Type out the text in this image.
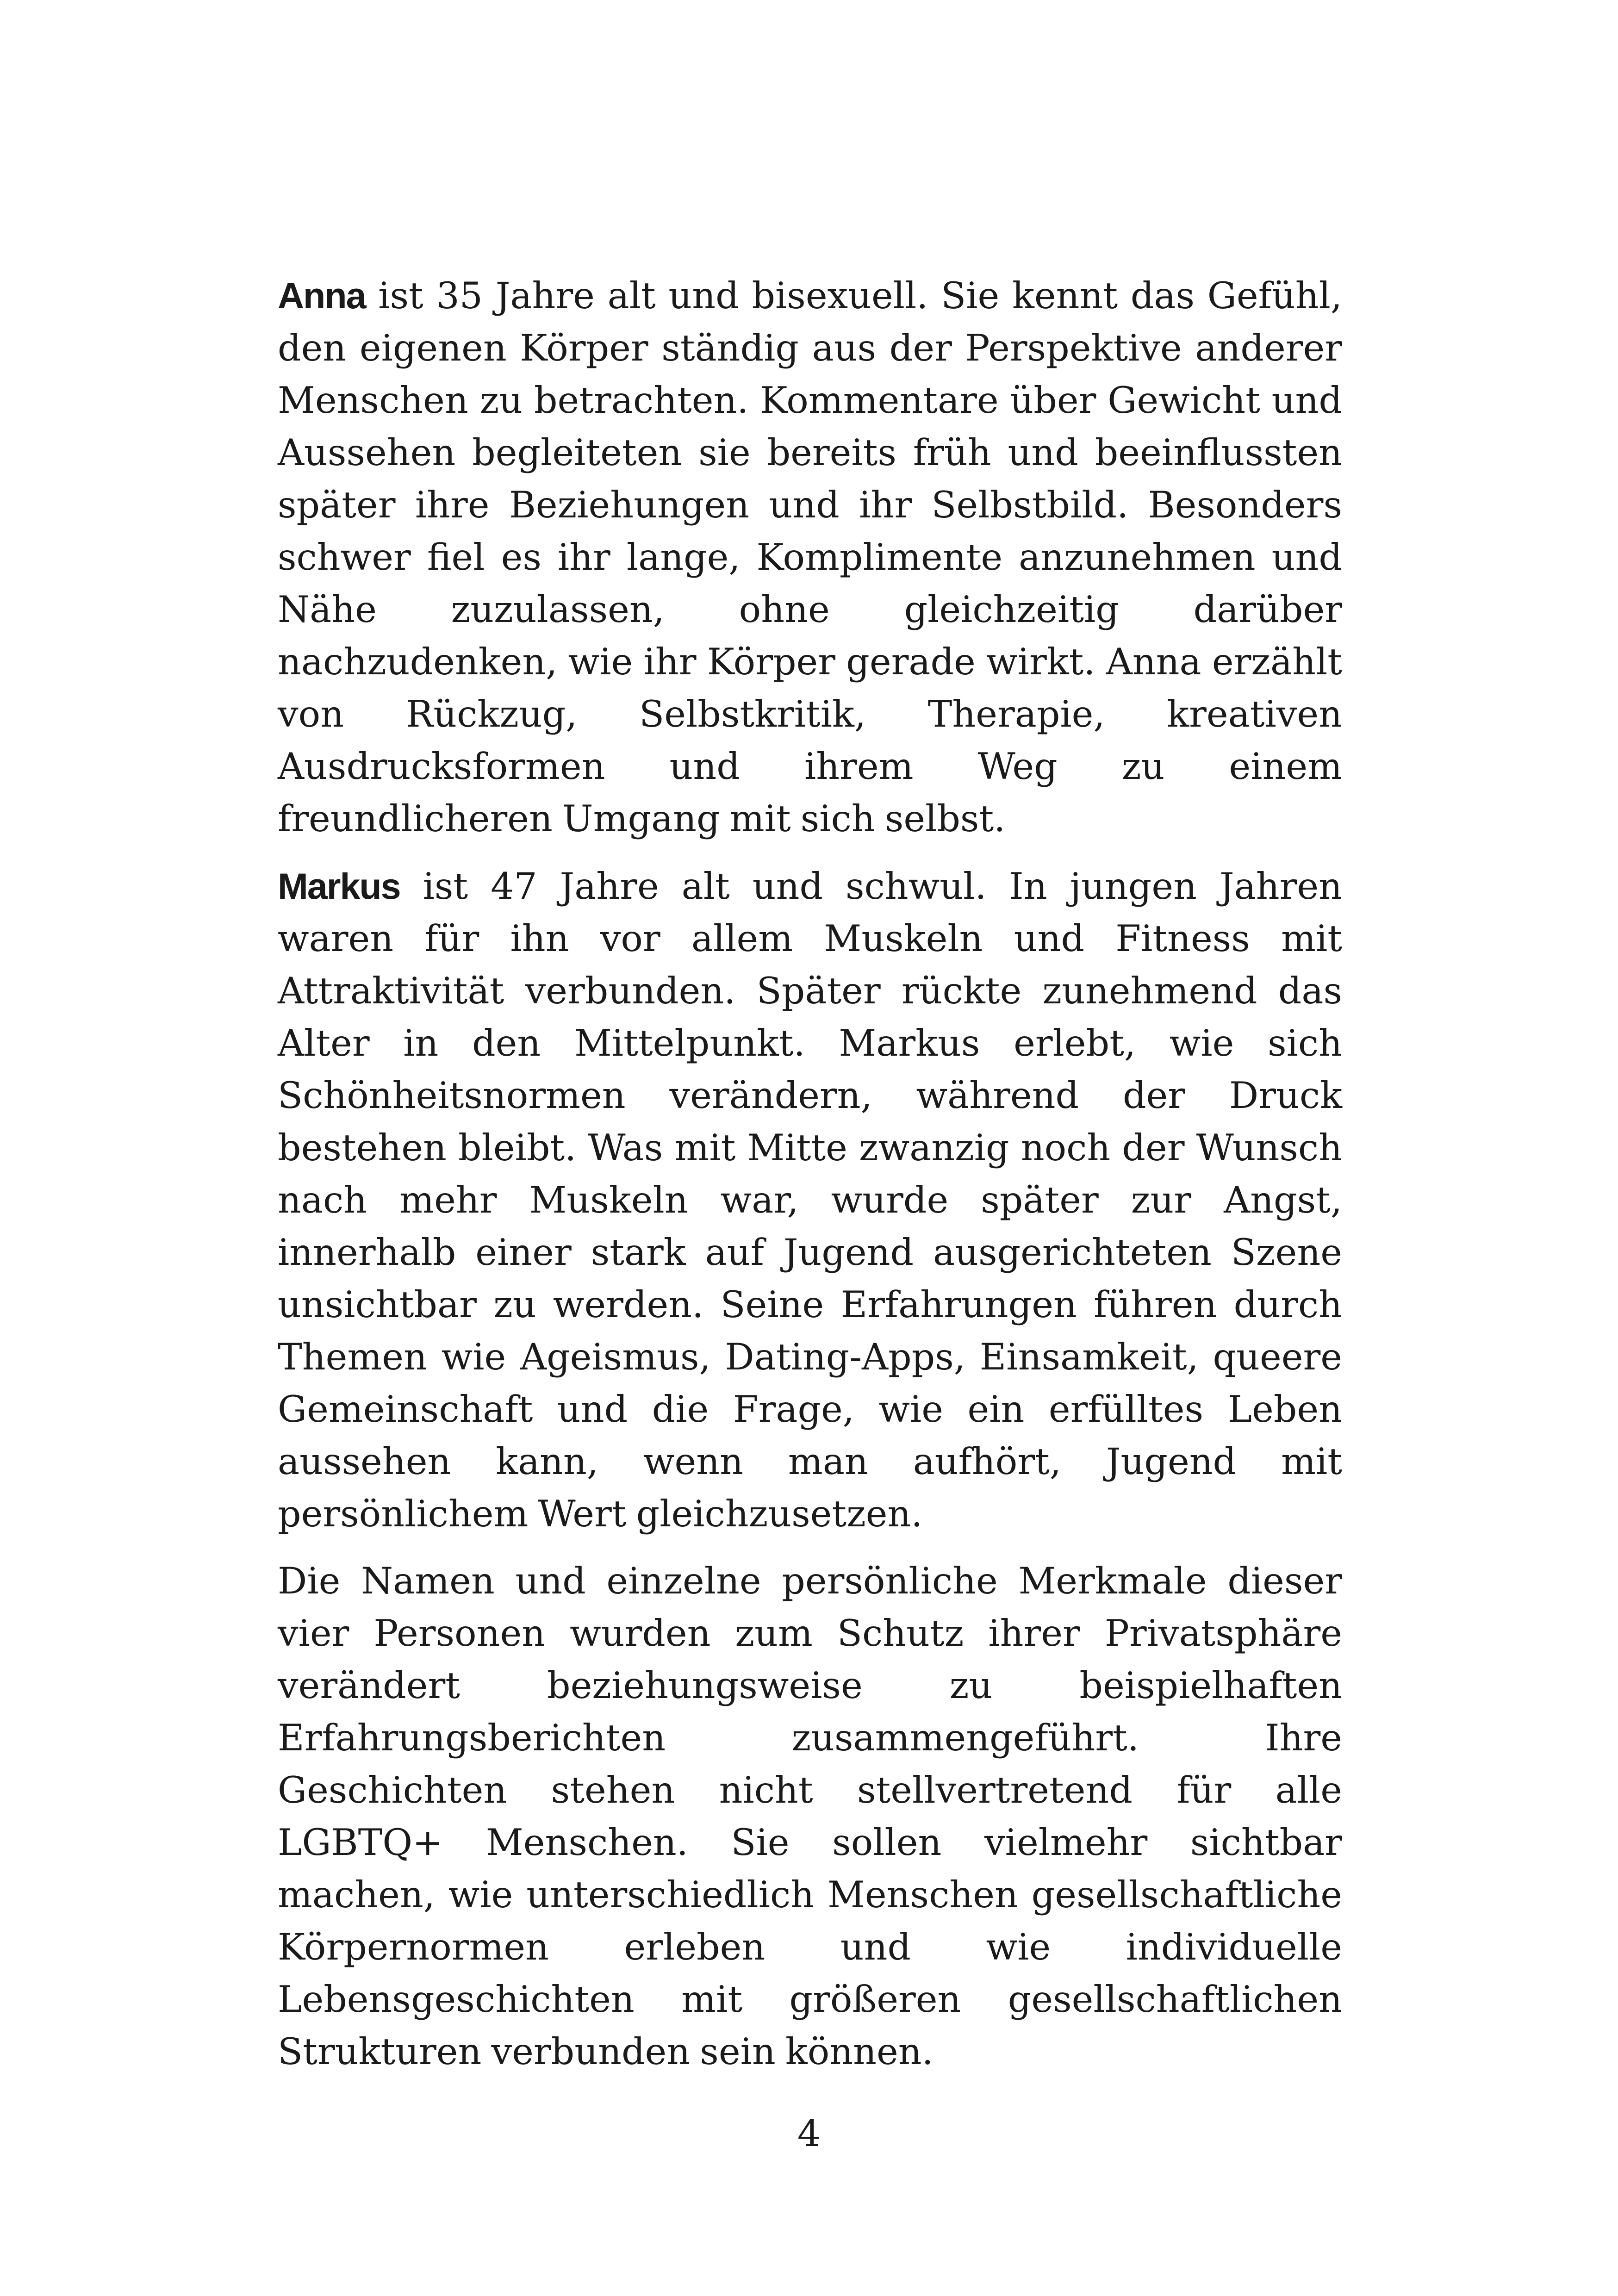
Anna ist 35 Jahre alt und bisexuell. Sie kennt das Gefühl, den eigenen Körper ständig aus der Perspektive anderer Menschen zu betrachten. Kommentare über Gewicht und Aussehen begleiteten sie bereits früh und beeinflussten später ihre Beziehungen und ihr Selbstbild. Besonders schwer fiel es ihr lange, Komplimente anzunehmen und Nähe zuzulassen, ohne gleichzeitig darüber nachzudenken, wie ihr Körper gerade wirkt. Anna erzählt von Rückzug, Selbstkritik, Therapie, kreativen Ausdrucksformen und ihrem Weg zu einem freundlicheren Umgang mit sich selbst.

Markus ist 47 Jahre alt und schwul. In jungen Jahren waren für ihn vor allem Muskeln und Fitness mit Attraktivität verbunden. Später rückte zunehmend das Alter in den Mittelpunkt. Markus erlebt, wie sich Schönheitsnormen verändern, während der Druck bestehen bleibt. Was mit Mitte zwanzig noch der Wunsch nach mehr Muskeln war, wurde später zur Angst, innerhalb einer stark auf Jugend ausgerichteten Szene unsichtbar zu werden. Seine Erfahrungen führen durch Themen wie Ageismus, Dating-Apps, Einsamkeit, queere Gemeinschaft und die Frage, wie ein erfülltes Leben aussehen kann, wenn man aufhört, Jugend mit persönlichem Wert gleichzusetzen.

Die Namen und einzelne persönliche Merkmale dieser vier Personen wurden zum Schutz ihrer Privatsphäre verändert beziehungsweise zu beispielhaften Erfahrungsberichten zusammengeführt. Ihre Geschichten stehen nicht stellvertretend für alle LGBTQ+ Menschen. Sie sollen vielmehr sichtbar machen, wie unterschiedlich Menschen gesellschaftliche Körpernormen erleben und wie individuelle Lebensgeschichten mit größeren gesellschaftlichen Strukturen verbunden sein können.

4
